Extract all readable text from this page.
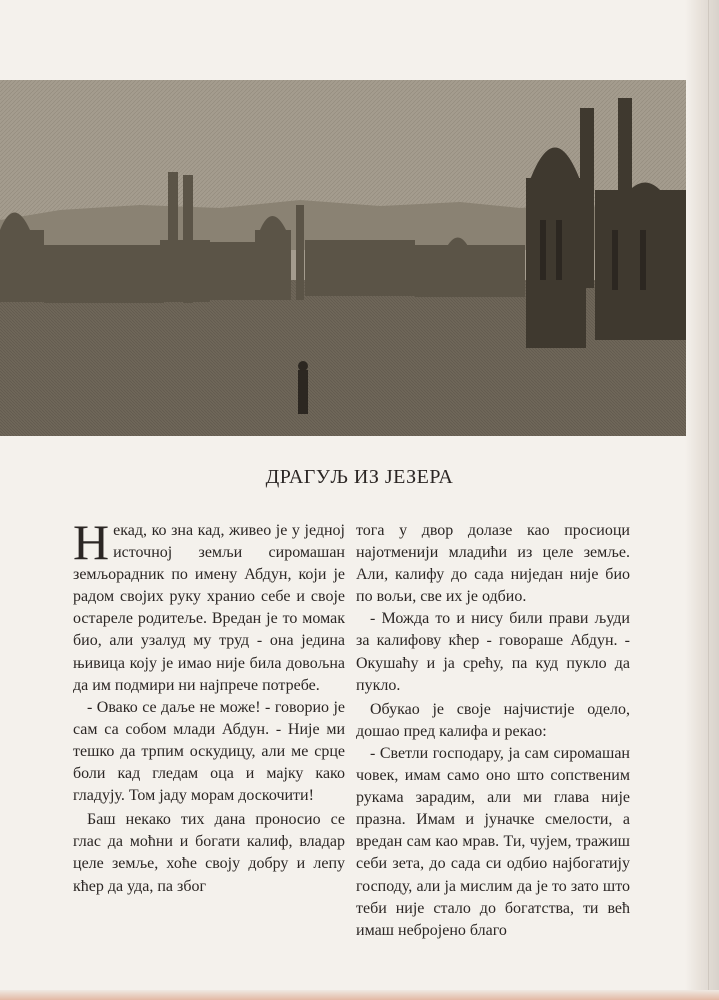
ДРАГУЉ ИЗ ЈЕЗЕРА

Некад, ко зна кад, живео је у једној источној земљи сиромашан земљорадник по имену Абдун, који је радом својих руку хранио себе и своје остареле родитеље. Вредан је то момак био, али узалуд му труд - она једина њивица коју је имао није била довољна да им подмири ни најпрече потребе.

- Овако се даље не може! - говорио је сам са собом млади Абдун. - Није ми тешко да трпим оскудицу, али ме срце боли кад гледам оца и мајку како гладују. Том јаду морам доскочити!

Баш некако тих дана проносио се глас да моћни и богати калиф, владар целе земље, хоће своју добру и лепу кћер да уда, па због

тога у двор долазе као просиоци најотменији младићи из целе земље. Али, калифу до сада ниједан није био по вољи, све их је одбио.

- Можда то и нису били прави људи за калифову кћер - говораше Абдун. - Окушаћу и ја срећу, па куд пукло да пукло.

Обукао је своје најчистије одело, дошао пред калифа и рекао:

- Светли господару, ја сам сиромашан човек, имам само оно што сопственим рукама зарадим, али ми глава није празна. Имам и јуначке смелости, а вредан сам као мрав. Ти, чујем, тражиш себи зета, до сада си одбио најбогатију господу, али ја мислим да је то зато што теби није стало до богатства, ти већ имаш небројено благо
